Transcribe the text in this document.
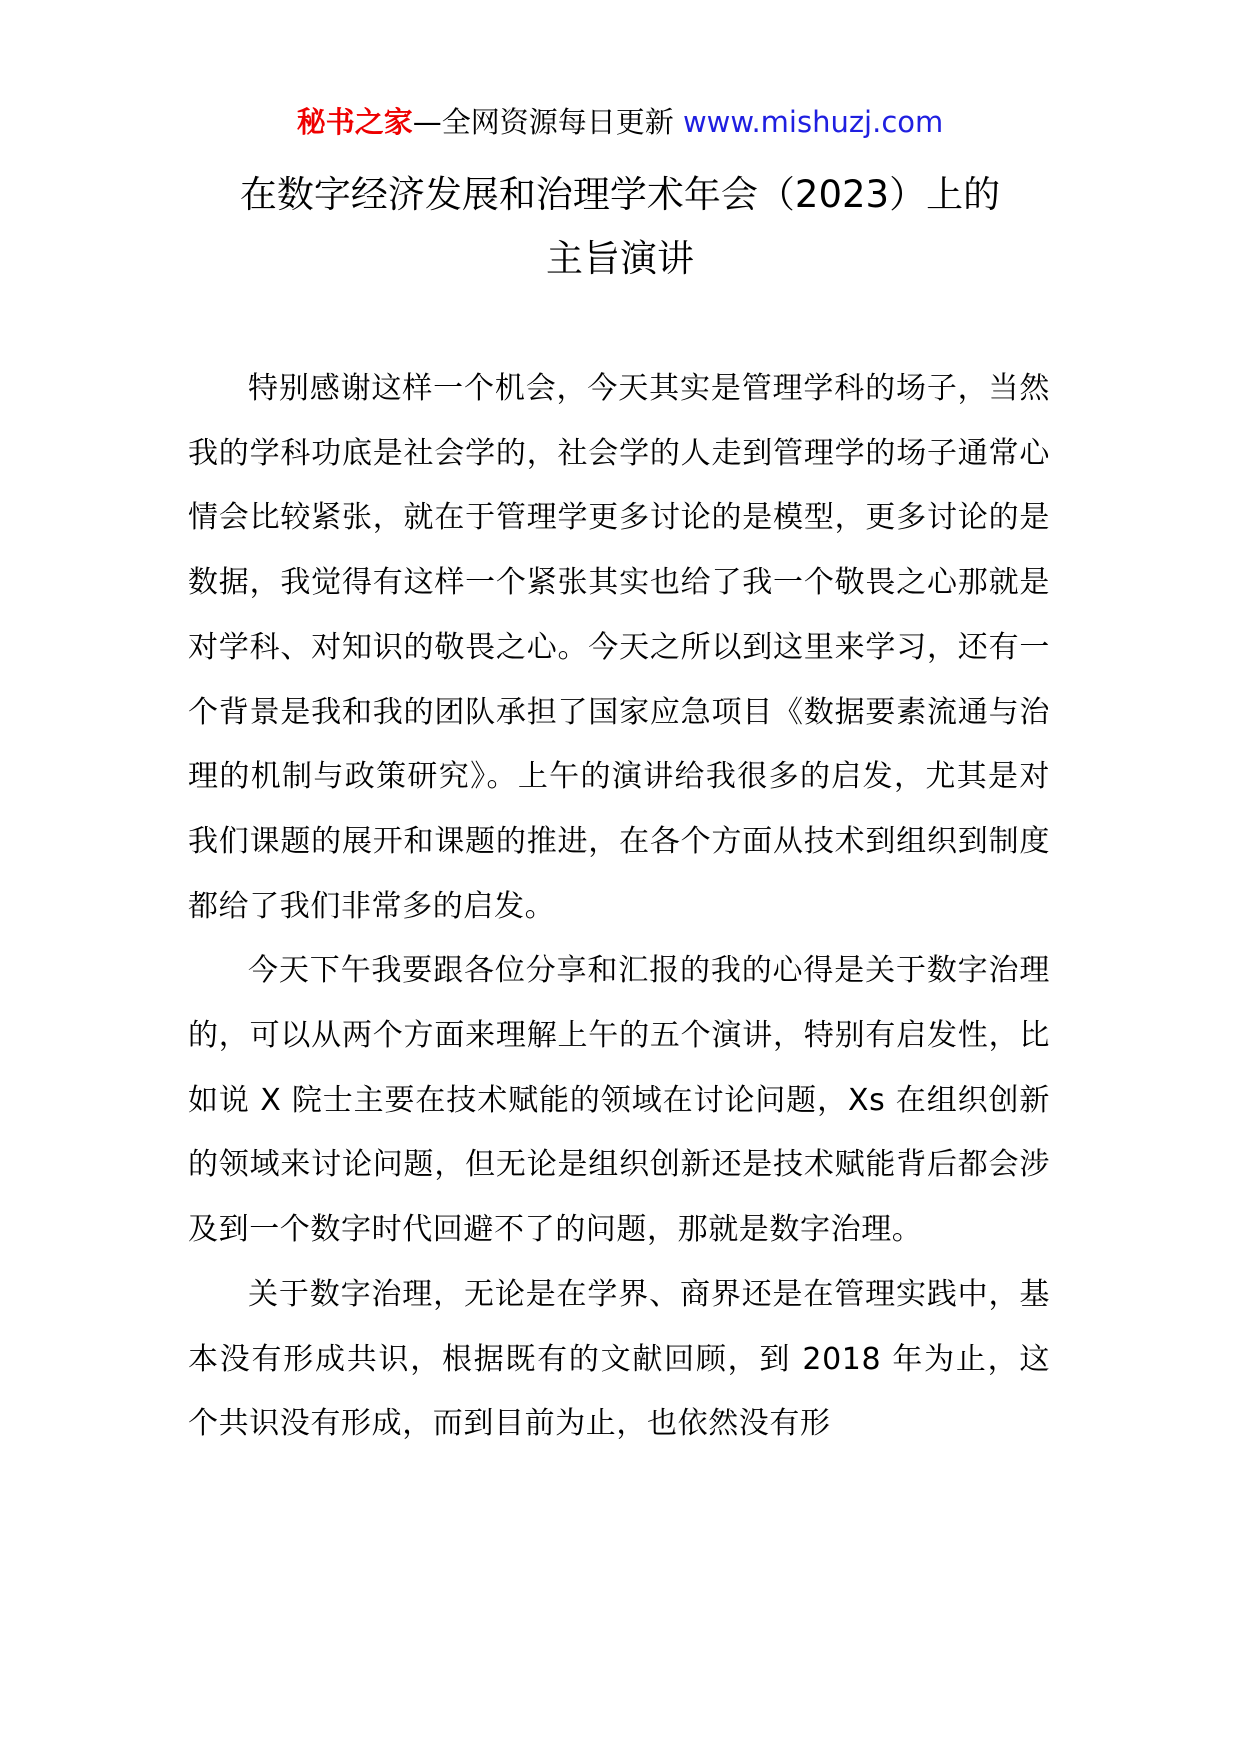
秘书之家—全网资源每日更新 www.mishuzj.com
在数字经济发展和治理学术年会（2023）上的
主旨演讲

特别感谢这样一个机会，今天其实是管理学科的场子，当然我的学科功底是社会学的，社会学的人走到管理学的场子通常心情会比较紧张，就在于管理学更多讨论的是模型，更多讨论的是数据，我觉得有这样一个紧张其实也给了我一个敬畏之心那就是对学科、对知识的敬畏之心。今天之所以到这里来学习，还有一个背景是我和我的团队承担了国家应急项目《数据要素流通与治理的机制与政策研究》。上午的演讲给我很多的启发，尤其是对我们课题的展开和课题的推进，在各个方面从技术到组织到制度都给了我们非常多的启发。

今天下午我要跟各位分享和汇报的我的心得是关于数字治理的，可以从两个方面来理解上午的五个演讲，特别有启发性，比如说 X 院士主要在技术赋能的领域在讨论问题，Xs 在组织创新的领域来讨论问题，但无论是组织创新还是技术赋能背后都会涉及到一个数字时代回避不了的问题，那就是数字治理。

关于数字治理，无论是在学界、商界还是在管理实践中，基本没有形成共识，根据既有的文献回顾，到 2018 年为止，这个共识没有形成，而到目前为止，也依然没有形
